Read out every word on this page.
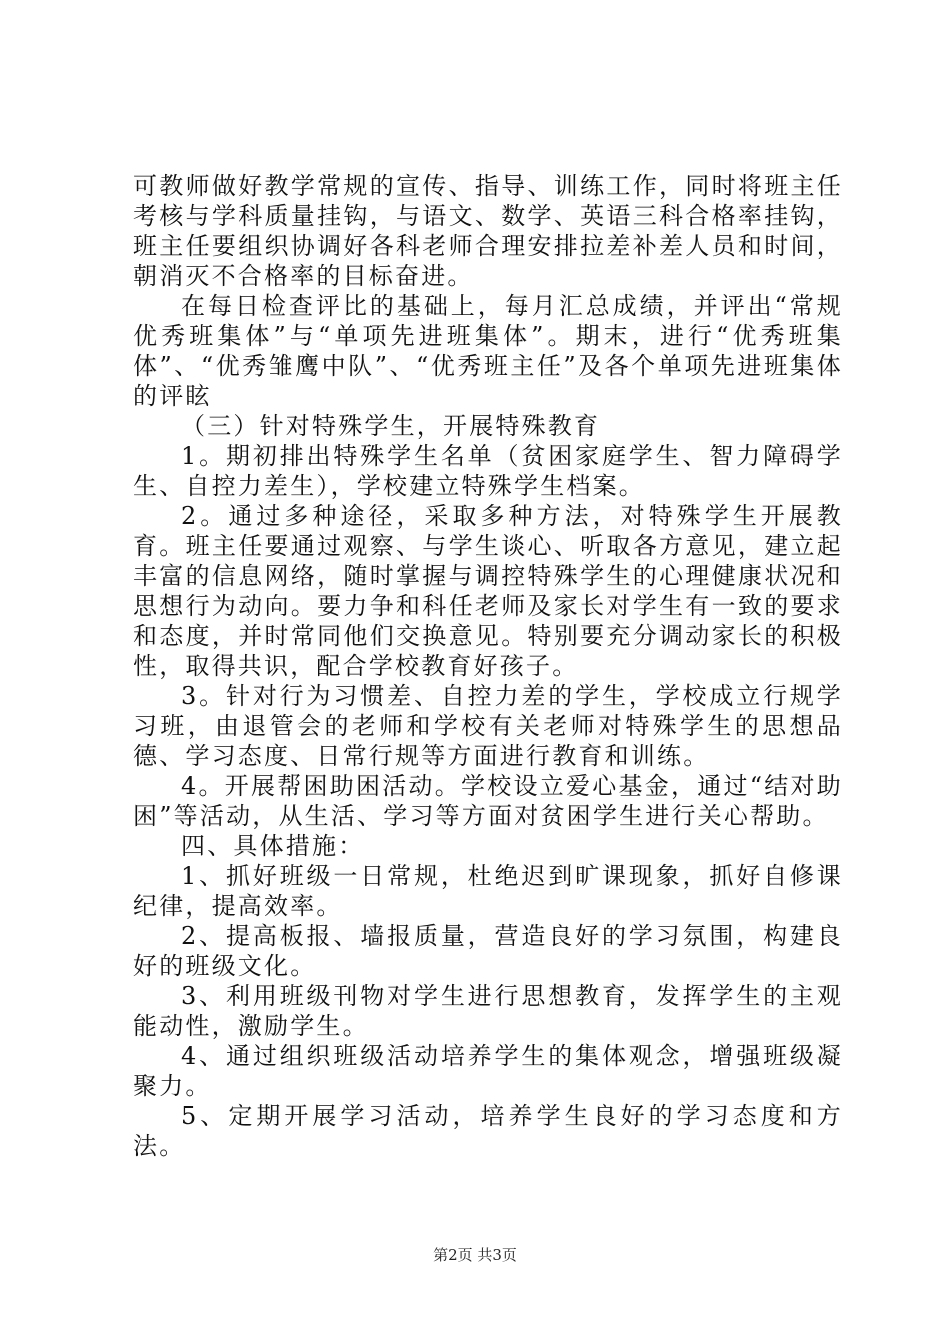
可教师做好教学常规的宣传、指导、训练工作，同时将班主任考核与学科质量挂钩，与语文、数学、英语三科合格率挂钩，班主任要组织协调好各科老师合理安排拉差补差人员和时间，朝消灭不合格率的目标奋进。

在每日检查评比的基础上，每月汇总成绩，并评出“常规优秀班集体”与“单项先进班集体”。期末，进行“优秀班集体”、“优秀雏鹰中队”、“优秀班主任”及各个单项先进班集体的评眩

（三）针对特殊学生，开展特殊教育

1。期初排出特殊学生名单（贫困家庭学生、智力障碍学生、自控力差生），学校建立特殊学生档案。

2。通过多种途径，采取多种方法，对特殊学生开展教育。班主任要通过观察、与学生谈心、听取各方意见，建立起丰富的信息网络，随时掌握与调控特殊学生的心理健康状况和思想行为动向。要力争和科任老师及家长对学生有一致的要求和态度，并时常同他们交换意见。特别要充分调动家长的积极性，取得共识，配合学校教育好孩子。

3。针对行为习惯差、自控力差的学生，学校成立行规学习班，由退管会的老师和学校有关老师对特殊学生的思想品德、学习态度、日常行规等方面进行教育和训练。

4。开展帮困助困活动。学校设立爱心基金，通过“结对助困”等活动，从生活、学习等方面对贫困学生进行关心帮助。

四、具体措施：

1、抓好班级一日常规，杜绝迟到旷课现象，抓好自修课纪律，提高效率。

2、提高板报、墙报质量，营造良好的学习氛围，构建良好的班级文化。

3、利用班级刊物对学生进行思想教育，发挥学生的主观能动性，激励学生。

4、通过组织班级活动培养学生的集体观念，增强班级凝聚力。

5、定期开展学习活动，培养学生良好的学习态度和方法。

第2页 共3页
